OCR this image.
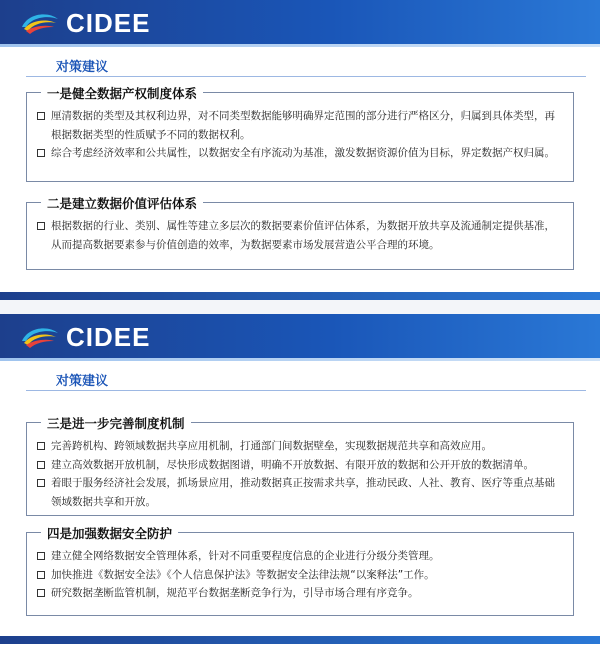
CIDEE
对策建议
一是健全数据产权制度体系
厘清数据的类型及其权利边界，对不同类型数据能够明确界定范围的部分进行严格区分，归属到具体类型，再根据数据类型的性质赋予不同的数据权利。
综合考虑经济效率和公共属性，以数据安全有序流动为基准，激发数据资源价值为目标，界定数据产权归属。
二是建立数据价值评估体系
根据数据的行业、类别、属性等建立多层次的数据要素价值评估体系，为数据开放共享及流通制定提供基准，从而提高数据要素参与价值创造的效率，为数据要素市场发展营造公平合理的环境。
CIDEE
对策建议
三是进一步完善制度机制
完善跨机构、跨领域数据共享应用机制，打通部门间数据壁垒，实现数据规范共享和高效应用。
建立高效数据开放机制，尽快形成数据图谱，明确不开放数据、有限开放的数据和公开开放的数据清单。
着眼于服务经济社会发展，抓场景应用，推动数据真正按需求共享，推动民政、人社、教育、医疗等重点基础领域数据共享和开放。
四是加强数据安全防护
建立健全网络数据安全管理体系，针对不同重要程度信息的企业进行分级分类管理。
加快推进《数据安全法》《个人信息保护法》等数据安全法律法规“以案释法”工作。
研究数据垄断监管机制，规范平台数据垄断竞争行为，引导市场合理有序竞争。
